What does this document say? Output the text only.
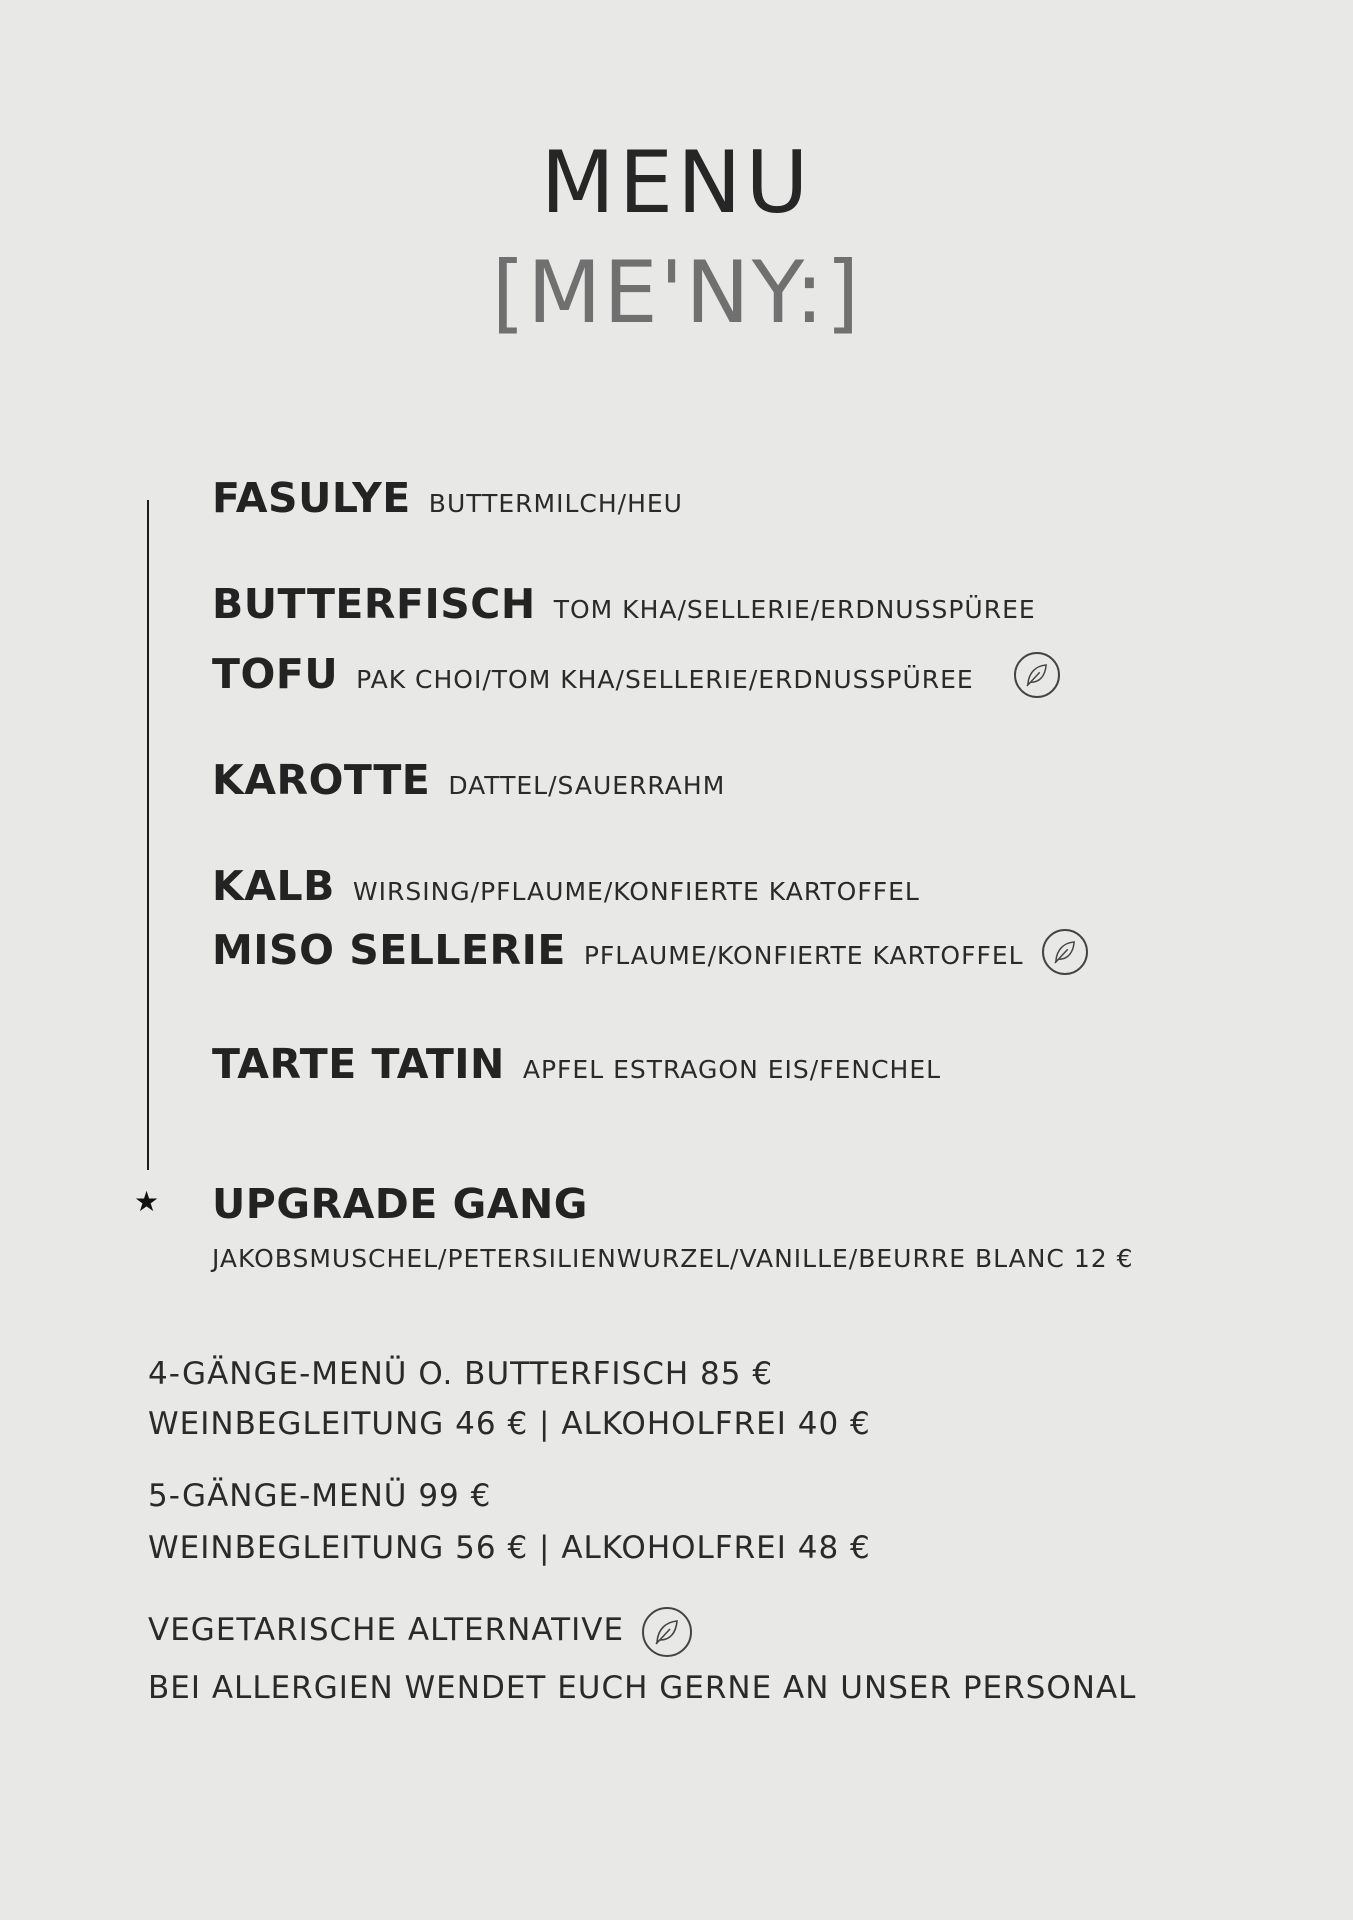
MENU
[ME'NY:]
★
FASULYE BUTTERMILCH/HEU
BUTTERFISCH TOM KHA/SELLERIE/ERDNUSSPÜREE
TOFU PAK CHOI/TOM KHA/SELLERIE/ERDNUSSPÜREE
KAROTTE DATTEL/SAUERRAHM
KALB WIRSING/PFLAUME/KONFIERTE KARTOFFEL
MISO SELLERIE PFLAUME/KONFIERTE KARTOFFEL
TARTE TATIN APFEL ESTRAGON EIS/FENCHEL
UPGRADE GANG
JAKOBSMUSCHEL/PETERSILIENWURZEL/VANILLE/BEURRE BLANC 12 €
4-GÄNGE-MENÜ O. BUTTERFISCH 85 €
WEINBEGLEITUNG 46 € | ALKOHOLFREI 40 €
5-GÄNGE-MENÜ 99 €
WEINBEGLEITUNG 56 € | ALKOHOLFREI 48 €
VEGETARISCHE ALTERNATIVE
BEI ALLERGIEN WENDET EUCH GERNE AN UNSER PERSONAL
